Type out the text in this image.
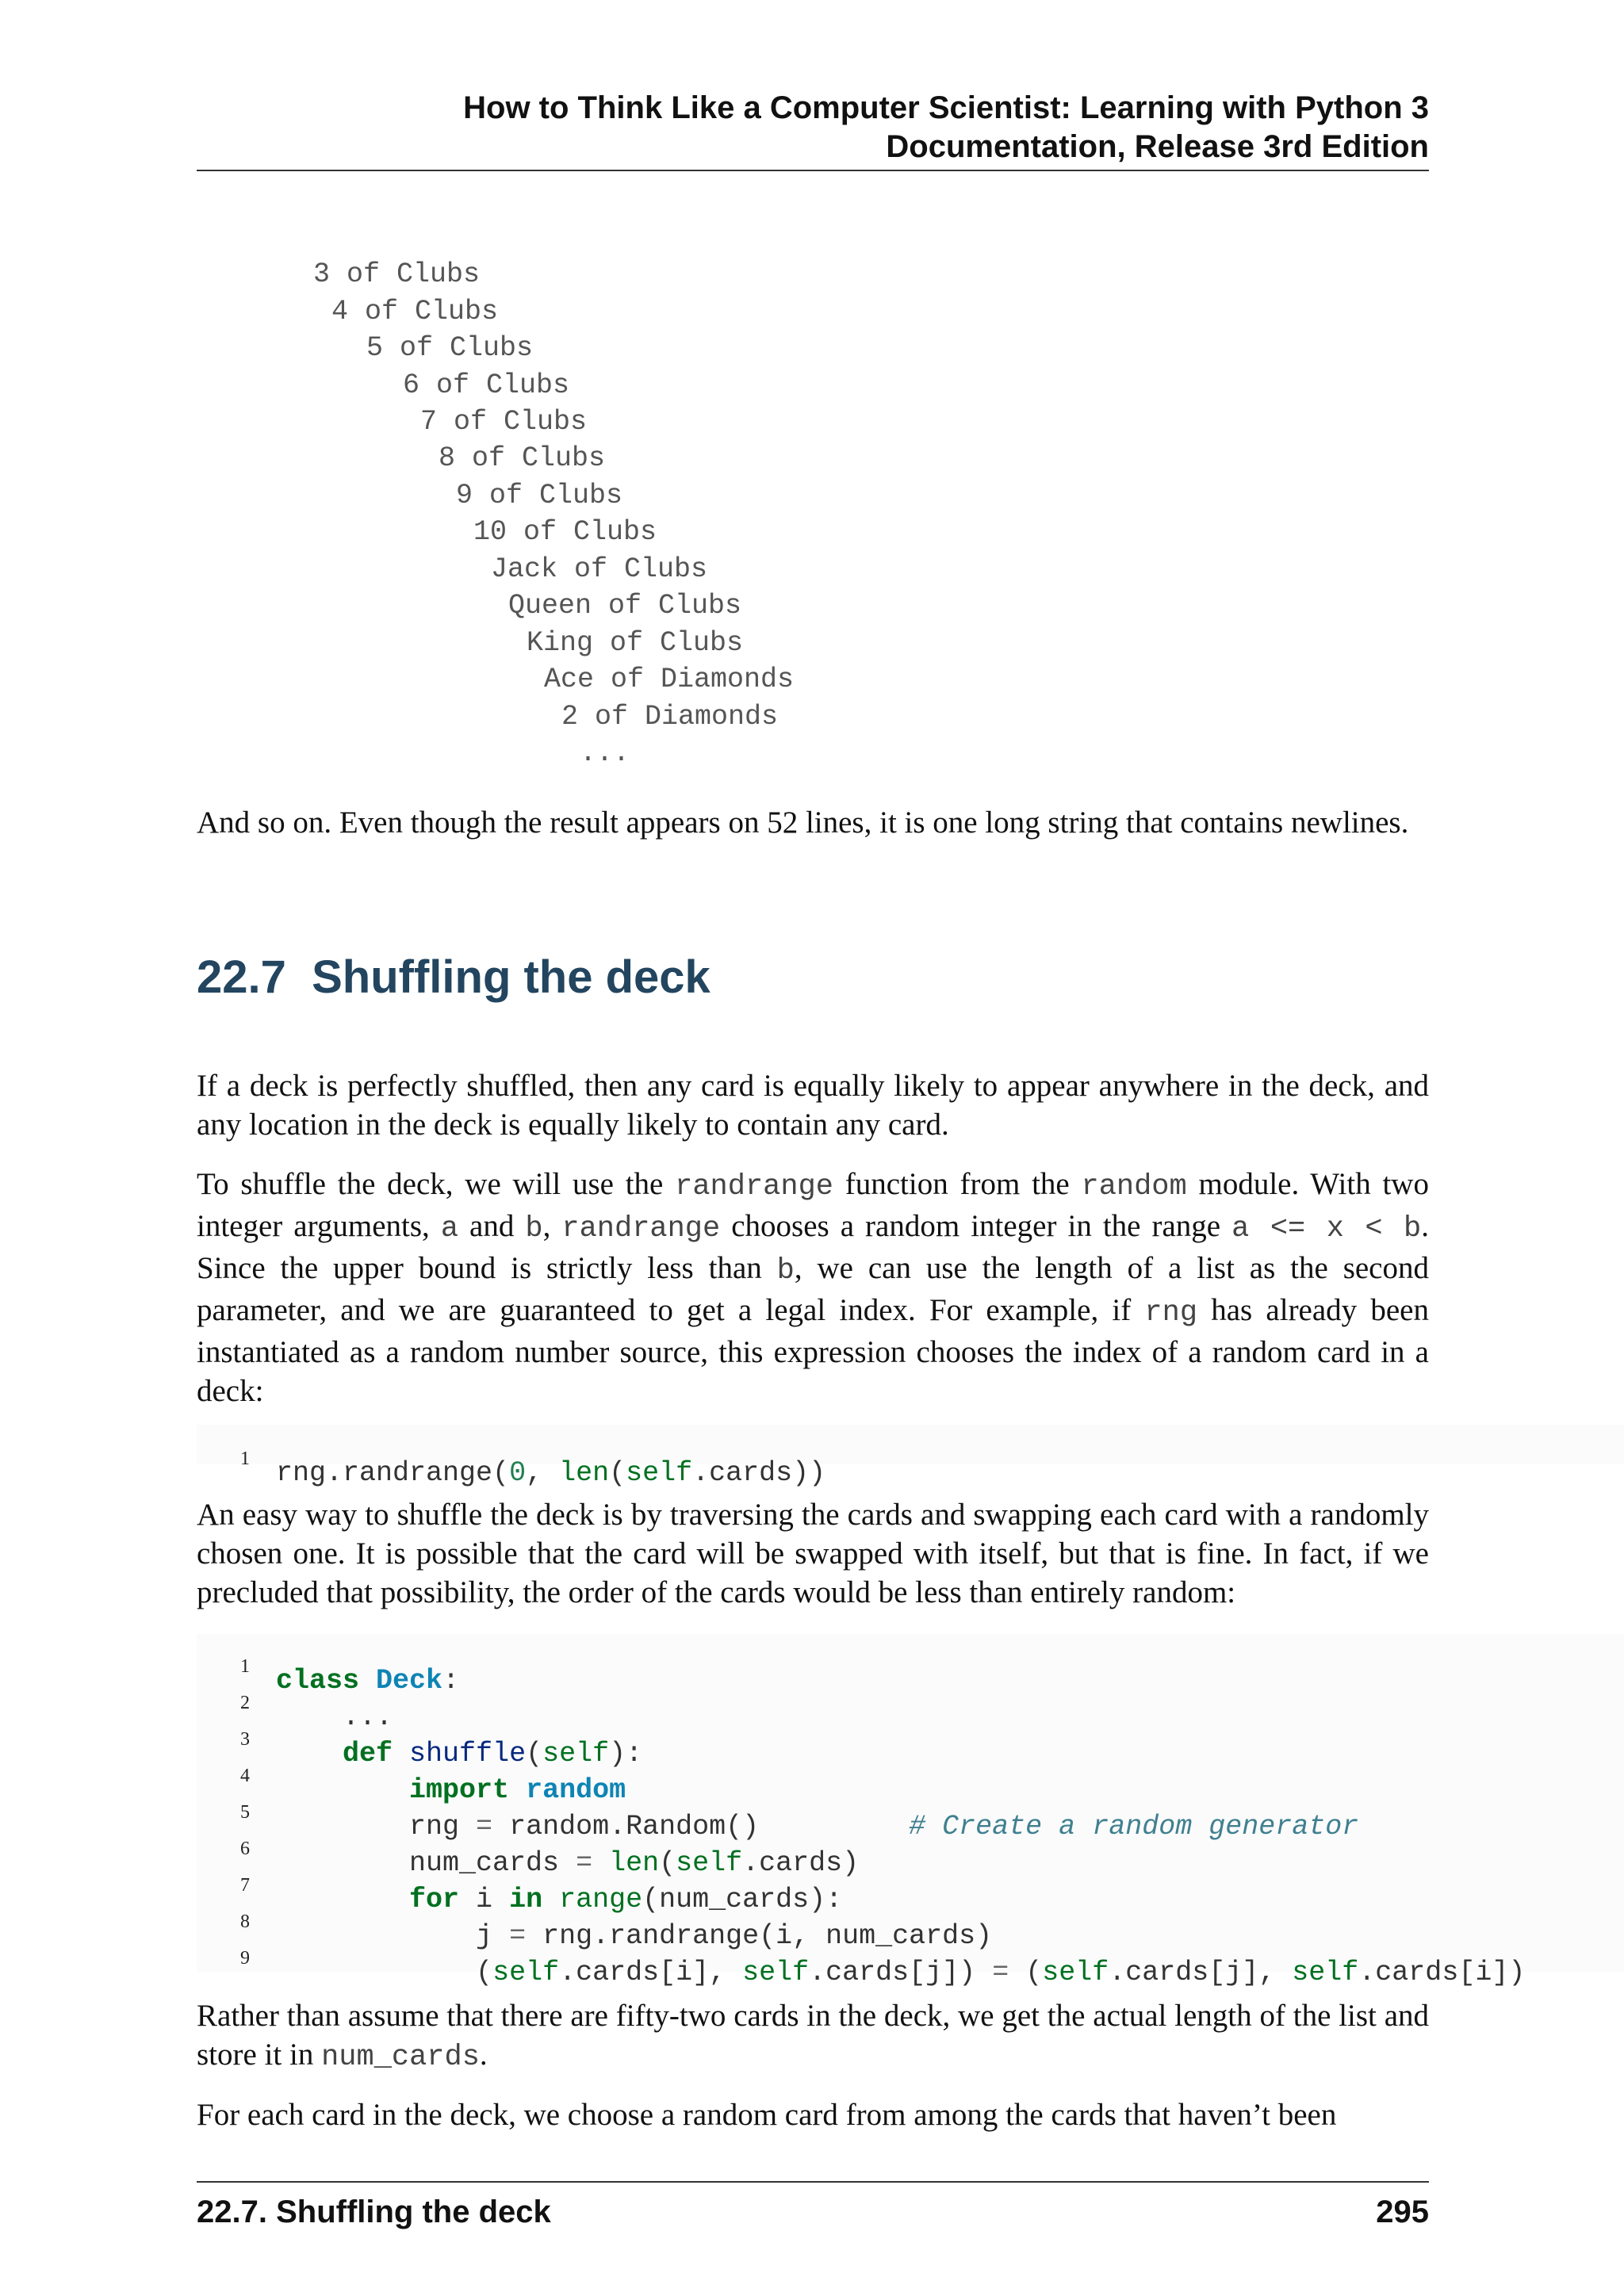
How to Think Like a Computer Scientist: Learning with Python 3
Documentation, Release 3rd Edition
3 of Clubs
4 of Clubs
5 of Clubs
6 of Clubs
7 of Clubs
8 of Clubs
9 of Clubs
10 of Clubs
Jack of Clubs
Queen of Clubs
King of Clubs
Ace of Diamonds
2 of Diamonds
...

And so on. Even though the result appears on 52 lines, it is one long string that contains newlines.

22.7 Shuffling the deck

If a deck is perfectly shuffled, then any card is equally likely to appear anywhere in the deck, and any location in the deck is equally likely to contain any card.

To shuffle the deck, we will use the randrange function from the random module. With two integer arguments, a and b, randrange chooses a random integer in the range a <= x < b. Since the upper bound is strictly less than b, we can use the length of a list as the second parameter, and we are guaranteed to get a legal index. For example, if rng has already been instantiated as a random number source, this expression chooses the index of a random card in a deck:

1

rng.randrange(0, len(self.cards))

An easy way to shuffle the deck is by traversing the cards and swapping each card with a randomly chosen one. It is possible that the card will be swapped with itself, but that is fine. In fact, if we precluded that possibility, the order of the cards would be less than entirely random:

1

class Deck:

2

	...

3

	def shuffle(self):

4

	import random

5

	rng = random.Random()         # Create a random generator

6

	num_cards = len(self.cards)

7

	for i in range(num_cards):

8

	j = rng.randrange(i, num_cards)

9

	(self.cards[i], self.cards[j]) = (self.cards[j], self.cards[i])

Rather than assume that there are fifty-two cards in the deck, we get the actual length of the list and store it in num_cards.

For each card in the deck, we choose a random card from among the cards that haven’t been

22.7. Shuffling the deck	295
